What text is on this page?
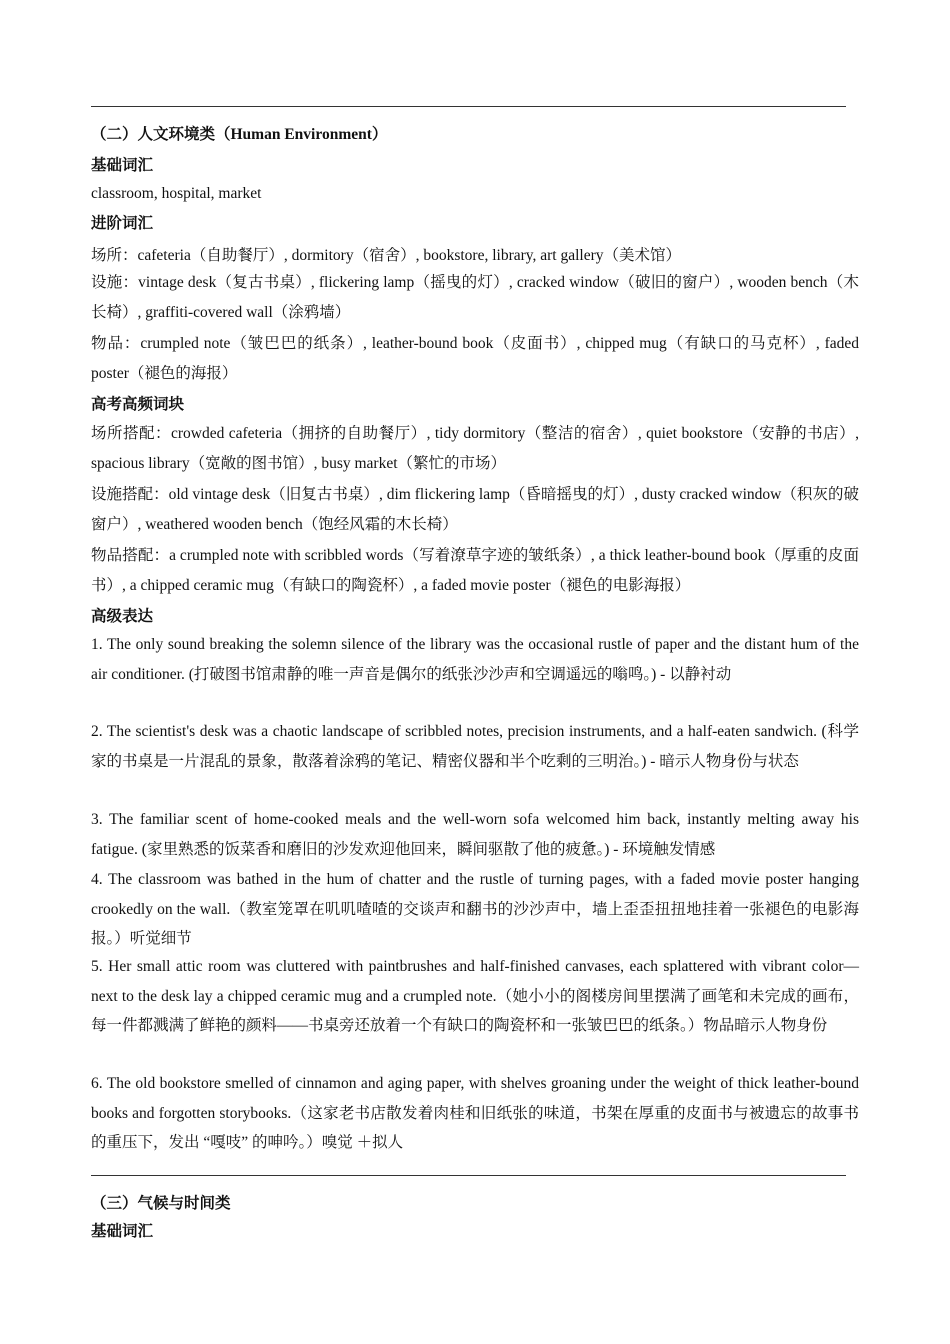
（二）人文环境类（Human Environment）
基础词汇
classroom, hospital, market
进阶词汇
场所：cafeteria（自助餐厅）, dormitory（宿舍）, bookstore, library, art gallery（美术馆）
设施：vintage desk（复古书桌）, flickering lamp（摇曳的灯）, cracked window（破旧的窗户）, wooden bench（木长椅）, graffiti-covered wall（涂鸦墙）
物品：crumpled note（皱巴巴的纸条）, leather-bound book（皮面书）, chipped mug（有缺口的马克杯）, faded poster（褪色的海报）
高考高频词块
场所搭配：crowded cafeteria（拥挤的自助餐厅）, tidy dormitory（整洁的宿舍）, quiet bookstore（安静的书店）, spacious library（宽敞的图书馆）, busy market（繁忙的市场）
设施搭配：old vintage desk（旧复古书桌）, dim flickering lamp（昏暗摇曳的灯）, dusty cracked window（积灰的破窗户）, weathered wooden bench（饱经风霜的木长椅）
物品搭配：a crumpled note with scribbled words（写着潦草字迹的皱纸条）, a thick leather-bound book（厚重的皮面书）, a chipped ceramic mug（有缺口的陶瓷杯）, a faded movie poster（褪色的电影海报）
高级表达
1. The only sound breaking the solemn silence of the library was the occasional rustle of paper and the distant hum of the air conditioner. (打破图书馆肃静的唯一声音是偶尔的纸张沙沙声和空调遥远的嗡鸣。) - 以静衬动
2. The scientist's desk was a chaotic landscape of scribbled notes, precision instruments, and a half-eaten sandwich. (科学家的书桌是一片混乱的景象，散落着涂鸦的笔记、精密仪器和半个吃剩的三明治。) - 暗示人物身份与状态
3. The familiar scent of home-cooked meals and the well-worn sofa welcomed him back, instantly melting away his fatigue. (家里熟悉的饭菜香和磨旧的沙发欢迎他回来，瞬间驱散了他的疲惫。) - 环境触发情感
4. The classroom was bathed in the hum of chatter and the rustle of turning pages, with a faded movie poster hanging crookedly on the wall.（教室笼罩在叽叽喳喳的交谈声和翻书的沙沙声中，墙上歪歪扭扭地挂着一张褪色的电影海报。）听觉细节
5. Her small attic room was cluttered with paintbrushes and half-finished canvases, each splattered with vibrant color—next to the desk lay a chipped ceramic mug and a crumpled note.（她小小的阁楼房间里摆满了画笔和未完成的画布，每一件都溅满了鲜艳的颜料——书桌旁还放着一个有缺口的陶瓷杯和一张皱巴巴的纸条。）物品暗示人物身份
6. The old bookstore smelled of cinnamon and aging paper, with shelves groaning under the weight of thick leather-bound books and forgotten storybooks.（这家老书店散发着肉桂和旧纸张的味道，书架在厚重的皮面书与被遗忘的故事书的重压下，发出 “嘎吱” 的呻吟。）嗅觉 ＋拟人
（三）气候与时间类
基础词汇
